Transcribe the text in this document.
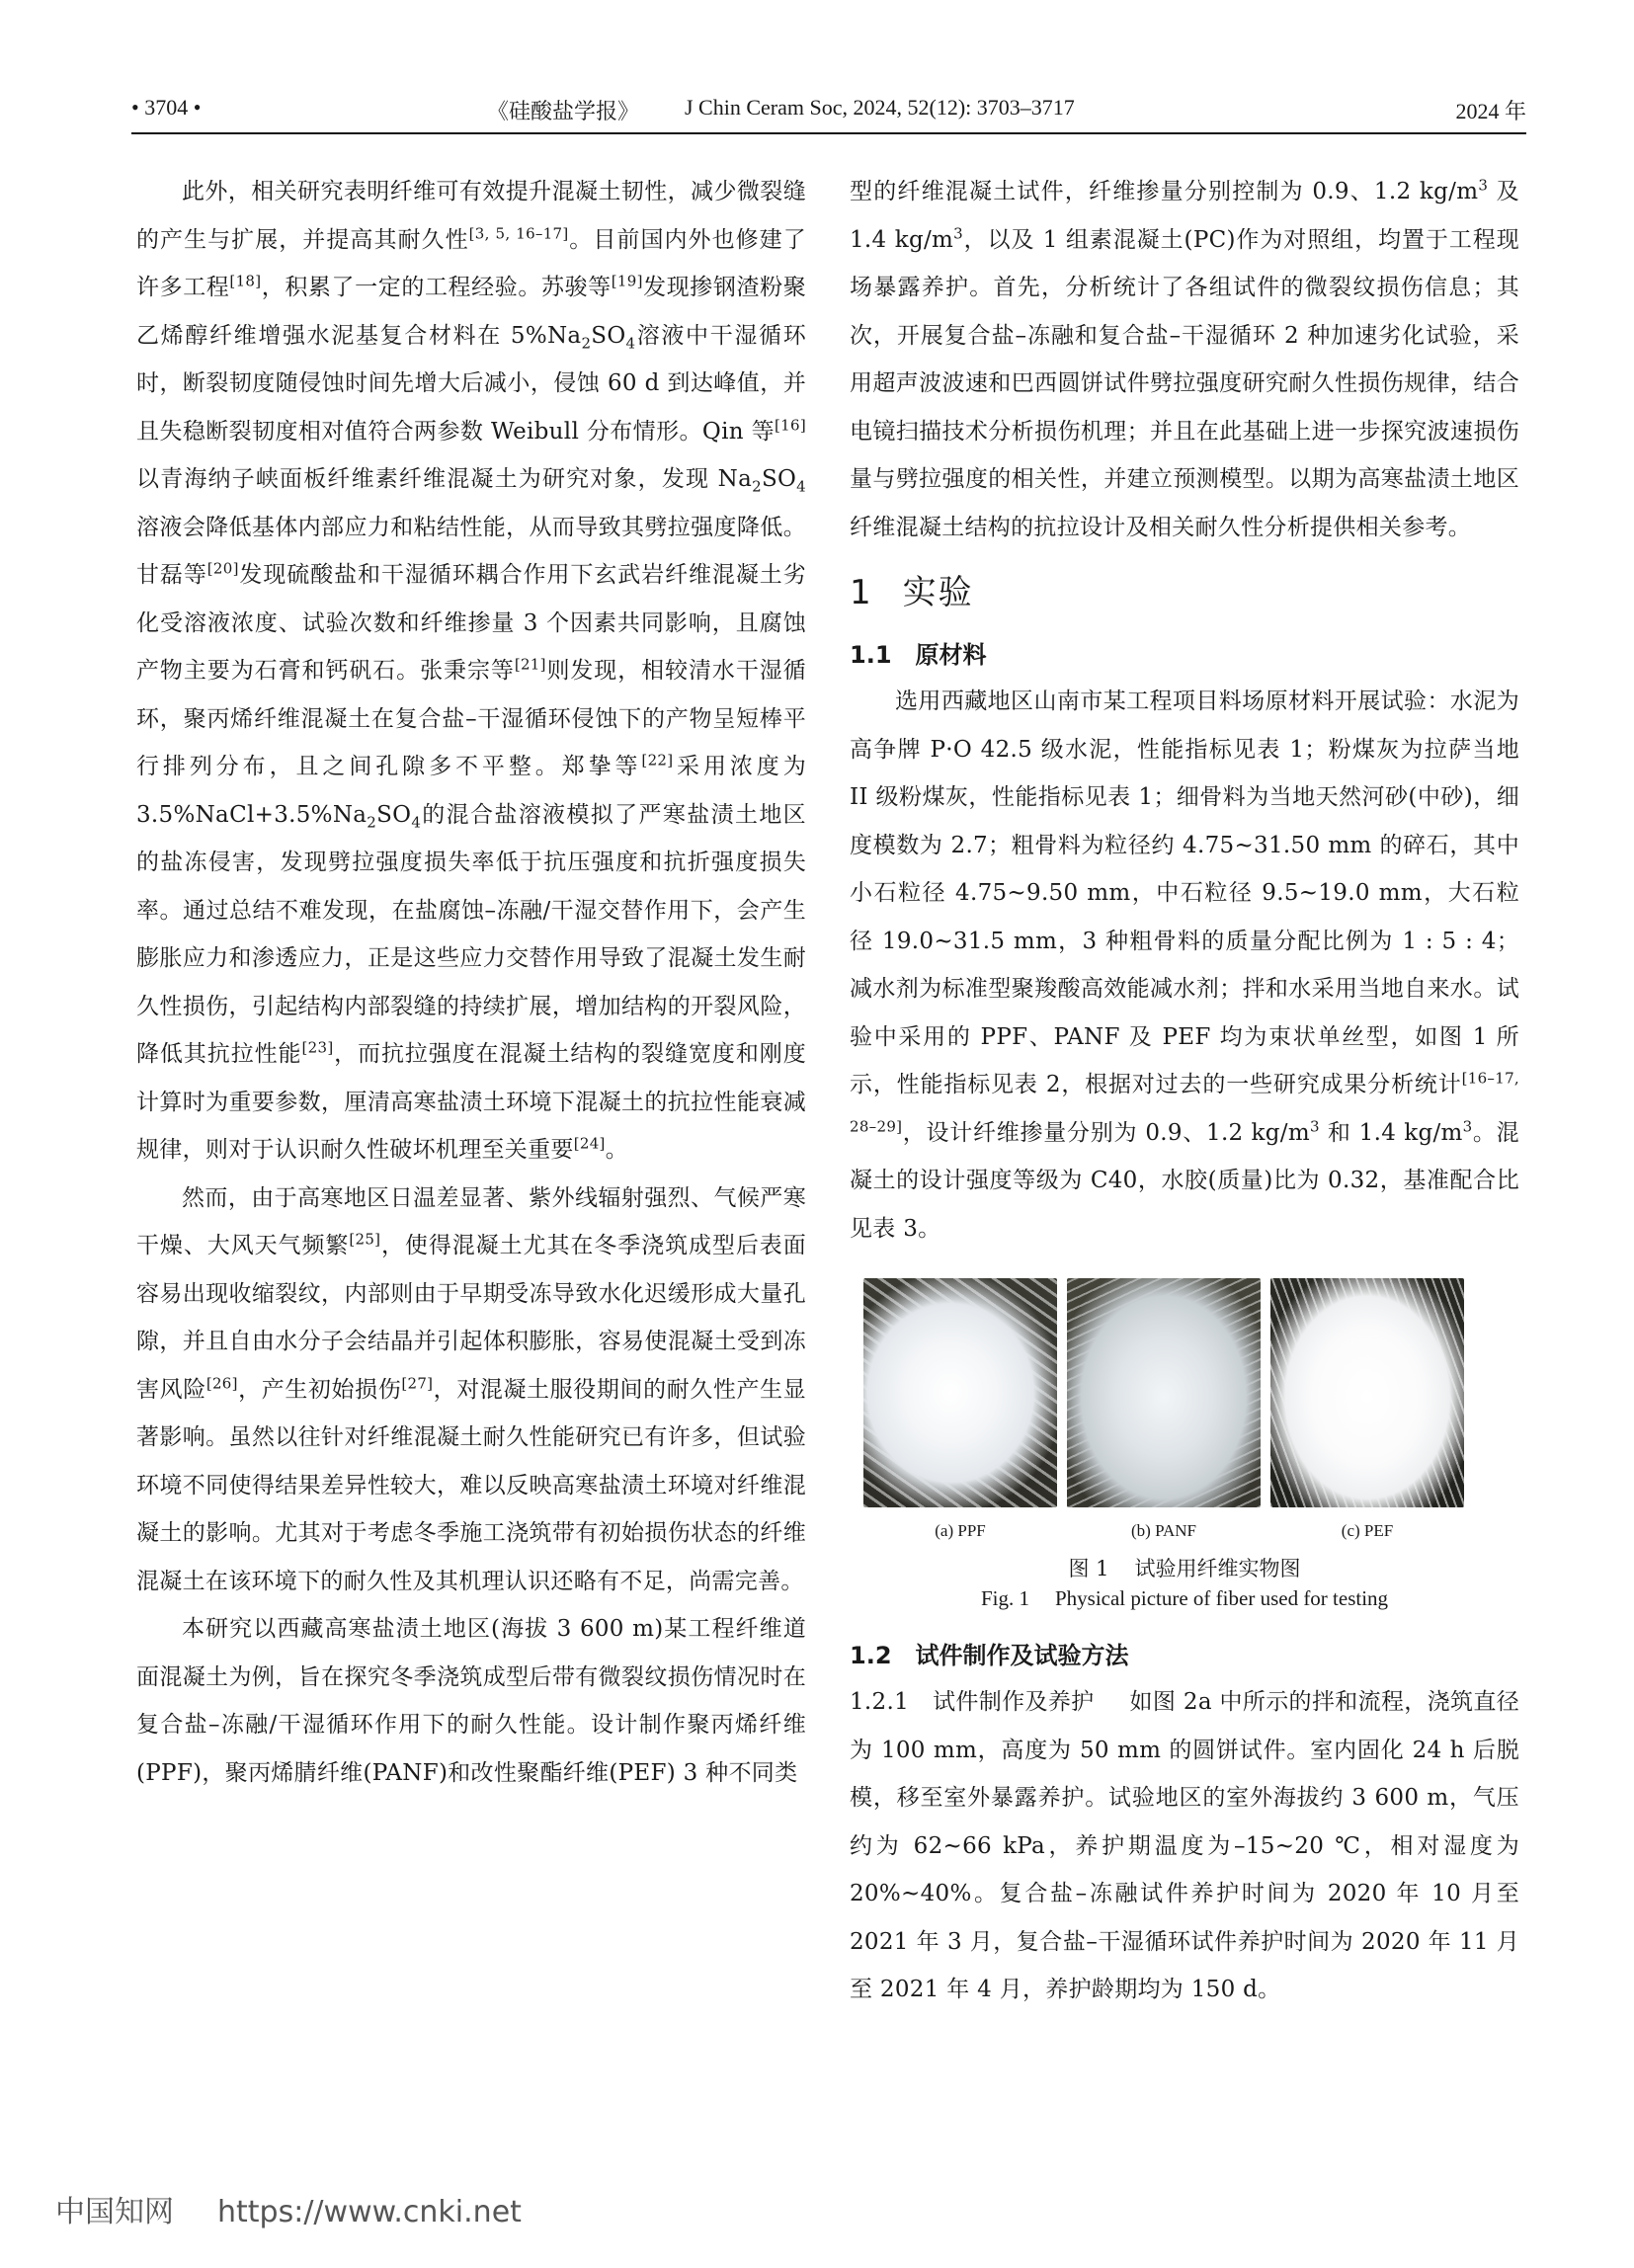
• 3704 •	《硅酸盐学报》 J Chin Ceram Soc, 2024, 52(12): 3703–3717	2024 年

此外，相关研究表明纤维可有效提升混凝土韧性，减少微裂缝的产生与扩展，并提高其耐久性[3, 5, 16–17]。目前国内外也修建了许多工程[18]，积累了一定的工程经验。苏骏等[19]发现掺钢渣粉聚乙烯醇纤维增强水泥基复合材料在 $5\%Na_2SO_4$溶液中干湿循环时，断裂韧度随侵蚀时间先增大后减小，侵蚀 60 d 到达峰值，并且失稳断裂韧度相对值符合两参数 Weibull 分布情形。Qin 等[16]以青海纳子峡面板纤维素纤维混凝土为研究对象，发现 $Na_2SO_4$ 溶液会降低基体内部应力和粘结性能，从而导致其劈拉强度降低。甘磊等[20]发现硫酸盐和干湿循环耦合作用下玄武岩纤维混凝土劣化受溶液浓度、试验次数和纤维掺量 3 个因素共同影响，且腐蚀产物主要为石膏和钙矾石。张秉宗等[21]则发现，相较清水干湿循环，聚丙烯纤维混凝土在复合盐–干湿循环侵蚀下的产物呈短棒平行排列分布，且之间孔隙多不平整。郑挚等[22]采用浓度为 $3.5\%NaCl+3.5\%Na_2SO_4$的混合盐溶液模拟了严寒盐渍土地区的盐冻侵害，发现劈拉强度损失率低于抗压强度和抗折强度损失率。通过总结不难发现，在盐腐蚀–冻融/干湿交替作用下，会产生膨胀应力和渗透应力，正是这些应力交替作用导致了混凝土发生耐久性损伤，引起结构内部裂缝的持续扩展，增加结构的开裂风险，降低其抗拉性能[23]，而抗拉强度在混凝土结构的裂缝宽度和刚度计算时为重要参数，厘清高寒盐渍土环境下混凝土的抗拉性能衰减规律，则对于认识耐久性破坏机理至关重要[24]。

然而，由于高寒地区日温差显著、紫外线辐射强烈、气候严寒干燥、大风天气频繁[25]，使得混凝土尤其在冬季浇筑成型后表面容易出现收缩裂纹，内部则由于早期受冻导致水化迟缓形成大量孔隙，并且自由水分子会结晶并引起体积膨胀，容易使混凝土受到冻害风险[26]，产生初始损伤[27]，对混凝土服役期间的耐久性产生显著影响。虽然以往针对纤维混凝土耐久性能研究已有许多，但试验环境不同使得结果差异性较大，难以反映高寒盐渍土环境对纤维混凝土的影响。尤其对于考虑冬季施工浇筑带有初始损伤状态的纤维混凝土在该环境下的耐久性及其机理认识还略有不足，尚需完善。

本研究以西藏高寒盐渍土地区(海拔 3 600 m)某工程纤维道面混凝土为例，旨在探究冬季浇筑成型后带有微裂纹损伤情况时在复合盐–冻融/干湿循环作用下的耐久性能。设计制作聚丙烯纤维(PPF)，聚丙烯腈纤维(PANF)和改性聚酯纤维(PEF) 3 种不同类

型的纤维混凝土试件，纤维掺量分别控制为 0.9、1.2 $kg/m^3$ 及 1.4 $kg/m^3$，以及 1 组素混凝土(PC)作为对照组，均置于工程现场暴露养护。首先，分析统计了各组试件的微裂纹损伤信息；其次，开展复合盐–冻融和复合盐–干湿循环 2 种加速劣化试验，采用超声波波速和巴西圆饼试件劈拉强度研究耐久性损伤规律，结合电镜扫描技术分析损伤机理；并且在此基础上进一步探究波速损伤量与劈拉强度的相关性，并建立预测模型。以期为高寒盐渍土地区纤维混凝土结构的抗拉设计及相关耐久性分析提供相关参考。

1 实验
1.1 原材料

选用西藏地区山南市某工程项目料场原材料开展试验：水泥为高争牌 P·O 42.5 级水泥，性能指标见表 1；粉煤灰为拉萨当地 II 级粉煤灰，性能指标见表 1；细骨料为当地天然河砂(中砂)，细度模数为 2.7；粗骨料为粒径约 4.75~31.50 mm 的碎石，其中小石粒径 4.75~9.50 mm，中石粒径 9.5~19.0 mm，大石粒径 19.0~31.5 mm，3 种粗骨料的质量分配比例为 1 : 5 : 4；减水剂为标准型聚羧酸高效能减水剂；拌和水采用当地自来水。试验中采用的 PPF、PANF 及 PEF 均为束状单丝型，如图 1 所示，性能指标见表 2，根据对过去的一些研究成果分析统计[16–17, 28–29]，设计纤维掺量分别为 0.9、1.2 $kg/m^3$ 和 1.4 $kg/m^3$。混凝土的设计强度等级为 C40，水胶(质量)比为 0.32，基准配合比见表 3。

(a) PPF	(b) PANF	(c) PEF
图 1 试验用纤维实物图
Fig. 1 Physical picture of fiber used for testing
1.2 试件制作及试验方法

1.2.1 试件制作及养护 如图 2a 中所示的拌和流程，浇筑直径为 100 mm，高度为 50 mm 的圆饼试件。室内固化 24 h 后脱模，移至室外暴露养护。试验地区的室外海拔约 3 600 m，气压约为 62~66 kPa，养护期温度为–15~20 ℃，相对湿度为 20%~40%。复合盐–冻融试件养护时间为 2020 年 10 月至 2021 年 3 月，复合盐–干湿循环试件养护时间为 2020 年 11 月至 2021 年 4 月，养护龄期均为 150 d。

中国知网 https://www.cnki.net
